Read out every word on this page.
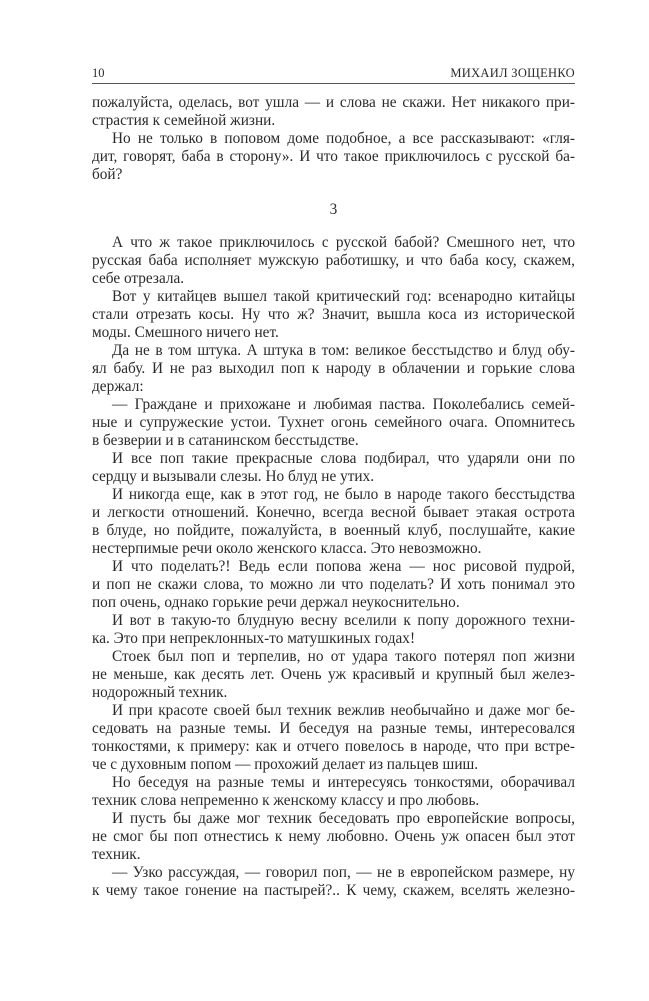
10	МИХАИЛ ЗОЩЕНКО
пожалуйста, оделась, вот ушла — и слова не скажи. Нет никакого при-
страстия к семейной жизни.
Но не только в поповом доме подобное, а все рассказывают: «гля-
дит, говорят, баба в сторону». И что такое приключилось с русской ба-
бой?
3
А что ж такое приключилось с русской бабой? Смешного нет, что
русская баба исполняет мужскую работишку, и что баба косу, скажем,
себе отрезала.
Вот у китайцев вышел такой критический год: всенародно китайцы
стали отрезать косы. Ну что ж? Значит, вышла коса из исторической
моды. Смешного ничего нет.
Да не в том штука. А штука в том: великое бесстыдство и блуд обу-
ял бабу. И не раз выходил поп к народу в облачении и горькие слова
держал:
— Граждане и прихожане и любимая паства. Поколебались семей-
ные и супружеские устои. Тухнет огонь семейного очага. Опомнитесь
в безверии и в сатанинском бесстыдстве.
И все поп такие прекрасные слова подбирал, что ударяли они по
сердцу и вызывали слезы. Но блуд не утих.
И никогда еще, как в этот год, не было в народе такого бесстыдства
и легкости отношений. Конечно, всегда весной бывает этакая острота
в блуде, но пойдите, пожалуйста, в военный клуб, послушайте, какие
нестерпимые речи около женского класса. Это невозможно.
И что поделать?! Ведь если попова жена — нос рисовой пудрой,
и поп не скажи слова, то можно ли что поделать? И хоть понимал это
поп очень, однако горькие речи держал неукоснительно.
И вот в такую-то блудную весну вселили к попу дорожного техни-
ка. Это при непреклонных-то матушкиных годах!
Стоек был поп и терпелив, но от удара такого потерял поп жизни
не меньше, как десять лет. Очень уж красивый и крупный был желез-
нодорожный техник.
И при красоте своей был техник вежлив необычайно и даже мог бе-
седовать на разные темы. И беседуя на разные темы, интересовался
тонкостями, к примеру: как и отчего повелось в народе, что при встре-
че с духовным попом — прохожий делает из пальцев шиш.
Но беседуя на разные темы и интересуясь тонкостями, оборачивал
техник слова непременно к женскому классу и про любовь.
И пусть бы даже мог техник беседовать про европейские вопросы,
не смог бы поп отнестись к нему любовно. Очень уж опасен был этот
техник.
— Узко рассуждая, — говорил поп, — не в европейском размере, ну
к чему такое гонение на пастырей?.. К чему, скажем, вселять железно-
